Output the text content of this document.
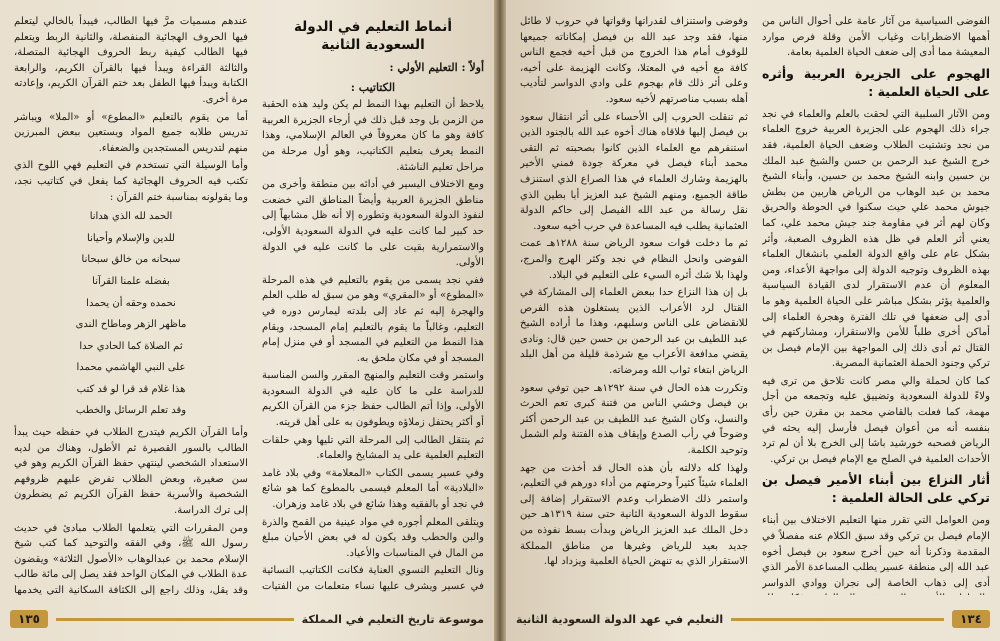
أنماط التعليم في الدولة السعودية الثانية
أولاً : التعليم الأولي :
الكتاتيب :

يلاحظ أن التعليم بهذا النمط لم يكن وليد هذه الحقبة من الزمن بل وجد قبل ذلك في أرجاء الجزيرة العربية كافة وهو ما كان معروفاً في العالم الإسلامي، وهذا النمط يعرف بتعليم الكتاتيب، وهو أول مرحلة من مراحل تعليم الناشئة.

ومع الاختلاف اليسير في أدائه بين منطقة وأخرى من مناطق الجزيرة العربية وأيضاً المناطق التي خضعت لنفوذ الدولة السعودية وتطوره إلا أنه ظل مشابهاً إلى حد كبير لما كانت عليه في الدولة السعودية الأولى، والاستمرارية بقيت على ما كانت عليه في الدولة الأولى.

ففي نجد يسمى من يقوم بالتعليم في هذه المرحلة «المطوع» أو «المقري» وهو من سبق له طلب العلم والهجرة إليه ثم عاد إلى بلدته ليمارس دوره في التعليم، وغالباً ما يقوم بالتعليم إمام المسجد، ويقام هذا النمط من التعليم في المسجد أو في منزل إمام المسجد أو في مكان ملحق به.

واستمر وقت التعليم والمنهج المقرر والسن المناسبة للدراسة على ما كان عليه في الدولة السعودية الأولى، وإذا أتم الطالب حفظ جزء من القرآن الكريم أو أكثر يحتفل زملاؤه ويطوفون به على أهل قريته.

ثم ينتقل الطالب إلى المرحلة التي تليها وهي حلقات التعليم العلمية على يد المشايخ والعلماء.

وفي عسير يسمى الكتاب «المعلامة» وفي بلاد غامد «البلادية» أما المعلم فيسمى بالمطوع كما هو شائع في نجد أو بالفقيه وهذا شائع في بلاد غامد وزهران.

ويتلقى المعلم أجوره في مواد عينية من القمح والذرة والبن والحطب وقد يكون له في بعض الأحيان مبلغ من المال في المناسبات والأعياد.

ونال التعليم النسوي العناية فكانت الكتاتيب النسائية في عسير ويشرف عليها نساء متعلمات من الفتيات

عندهم مسميات مرَّ فيها الطالب، فيبدأ بالخالي ليتعلم فيها الحروف الهجائية المنفصلة، والثانية الربط ويتعلم فيها الطالب كيفية ربط الحروف الهجائية المتصلة، والثالثة القراءة ويبدأ فيها بالقرآن الكريم، والرابعة الكتابة ويبدأ فيها الطفل بعد ختم القرآن الكريم، وإعادته مرة أخرى.

أما من يقوم بالتعليم «المطوع» أو «الملا» ويباشر تدريس طلابه جميع المواد ويستعين ببعض المبرزين منهم لتدريس المستجدين والضعفاء.

وأما الوسيلة التي تستخدم في التعليم فهي اللوح الذي تكتب فيه الحروف الهجائية كما يفعل في كتاتيب نجد، وما يقولونه بمناسبة ختم القرآن :

الحمد لله الذي هدانا
للدين والإسلام وأحيانا
سبحانه من خالق سبحانا
بفضله علمنا القرآنا
نحمده وحقه أن يحمدا
ماظهر الزهر وماطاح الندى
ثم الصلاة كما الحادي حدا
على النبي الهاشمي محمدا
هذا غلام قد قرا لو قد كتب
وقد تعلم الرسائل والخطب

وأما القرآن الكريم فيتدرج الطلاب في حفظه حيث يبدأ الطالب بالسور القصيرة ثم الأطول، وهناك من لديه الاستعداد الشخصي لينتهي حفظ القرآن الكريم وهو في سن صغيرة، وبعض الطلاب تفرض عليهم ظروفهم الشخصية والأسرية حفظ القرآن الكريم ثم يضطرون إلى ترك الدراسة.

ومن المقررات التي يتعلمها الطلاب مبادئ في حديث رسول الله ﷺ، وفي الفقه والتوحيد كما كتب شيخ الإسلام محمد بن عبدالوهاب «الأصول الثلاثة» ويقضون عدة الطلاب في المكان الواحد فقد يصل إلى مائة طالب وقد يقل، وذلك راجع إلى الكثافة السكانية التي يخدمها

موسوعة تاريخ التعليم في المملكة
١٣٥

الفوضى السياسية من آثار عامة على أحوال الناس من أهمها الاضطرابات وغياب الأمن وقلة فرص موارد المعيشة مما أدى إلى ضعف الحياة العلمية بعامة.

الهجوم على الجزيرة العربية وأثره على الحياة العلمية :

ومن الآثار السلبية التي لحقت بالعلم والعلماء في نجد جراء ذلك الهجوم على الجزيرة العربية خروج العلماء من نجد وتشتيت الطلاب وضعف الحياة العلمية، فقد خرج الشيخ عبد الرحمن بن حسن والشيخ عبد الملك بن حسين وابنه الشيخ محمد بن حسين، وأبناء الشيخ محمد بن عبد الوهاب من الرياض هاربين من بطش جيوش محمد علي حيث سكنوا في الحوطة والحريق وكان لهم أثر في مقاومة جند جيش محمد علي، كما يعني أثر العلم في ظل هذه الظروف الصعبة، وأثر بشكل عام على واقع الدولة العلمي بانشغال العلماء بهذه الظروف وتوجيه الدولة إلى مواجهة الأعداء، ومن المعلوم أن عدم الاستقرار لدى القيادة السياسية والعلمية يؤثر بشكل مباشر على الحياة العلمية وهو ما أدى إلى ضعفها في تلك الفترة وهجرة العلماء إلى أماكن أخرى طلباً للأمن والاستقرار، ومشاركتهم في القتال ثم أدى ذلك إلى المواجهة بين الإمام فيصل بن تركي وجنود الحملة العثمانية المصرية.

كما كان لحملة والي مصر كانت تلاحق من ترى فيه ولاءً للدولة السعودية وتضييق عليه وتجمعه من أجل مهمة، كما فعلت بالقاضي محمد بن مقرن حين رأى بنفسه أنه من أعوان فيصل فأرسل إليه يحثه في الرياض فصحبه خورشيد باشا إلى الخرج بلا أن لم ترد الأحداث العلمية في الصلح مع الإمام فيصل بن تركي.

أثار النزاع بين أبناء الأمير فيصل بن تركي على الحالة العلمية :

ومن العوامل التي تقرر منها التعليم الاختلاف بين أبناء الإمام فيصل بن تركي وقد سبق الكلام عنه مفصلاً في المقدمة وذكرنا أنه حين أخرج سعود بن فيصل أخوه عبد الله إلى منطقة عسير يطلب المساعدة الأمر الذي أدى إلى ذهاب الخاصة إلى نجران ووادي الدواسر

وفوضى واستنزاف لقدراتها وقواتها في حروب لا طائل منها، فقد وجد عبد الله بن فيصل إمكاناته جميعها للوقوف أمام هذا الخروج من قبل أخيه فجمع الناس كافة مع أخيه في المعتلا، وكانت الهزيمة على أخيه، وعلى أثر ذلك قام بهجوم على وادي الدواسر لتأديب أهله بسبب مناصرتهم لأخيه سعود.

ثم تنقلت الحروب إلى الأحساء على أثر انتقال سعود بن فيصل إليها فلاقاه هناك أخوه عبد الله بالجنود الذين استنفرهم مع العلماء الذين كانوا بصحبته ثم التقى محمد أبناء فيصل في معركة جودة فمني الأخير بالهزيمة وشارك العلماء في هذا الصراع الذي استنزف طاقة الجميع، ومنهم الشيخ عبد العزيز أبا بطين الذي نقل رسالة من عبد الله الفيصل إلى حاكم الدولة العثمانية يطلب فيه المساعدة في حرب أخيه سعود.

ثم ما دخلت قوات سعود الرياض سنة ١٢٨٨هـ عمت الفوضى وانحل النظام في نجد وكثر الهرج والمرج، ولهذا بلا شك أثره السيء على التعليم في البلاد.

بل إن هذا النزاع حدا ببعض العلماء إلى المشاركة في القتال لرد الأعراب الذين يستغلون هذه الفرص للانقضاض على الناس وسلبهم، وهذا ما أراده الشيخ عبد اللطيف بن عبد الرحمن بن حسن حين قال: ونادى يقضي مدافعة الأعراب مع شرذمة قليلة من أهل البلد الرياض ابتغاء ثواب الله ومرضاته.

وتكررت هذه الحال في سنة ١٢٩٢هـ حين توفي سعود بن فيصل وخشي الناس من فتنة كبرى تعم الحرث والنسل، وكان الشيخ عبد اللطيف بن عبد الرحمن أكثر وضوحاً في رأب الصدع وإيقاف هذه الفتنة ولم الشمل وتوحيد الكلمة.

ولهذا كله دلالته بأن هذه الحال قد أخذت من جهد العلماء شيئاً كثيراً وحرمتهم من أداء دورهم في التعليم، واستمر ذلك الاضطراب وعدم الاستقرار إضافة إلى سقوط الدولة السعودية الثانية حتى سنة ١٣١٩هـ حين دخل الملك عبد العزيز الرياض وبدأت بسط نفوذه من جديد بعيد للرياض وغيرها من مناطق المملكة الاستقرار الذي به تنهض الحياة العلمية ويزداد لها.

١٣٤
التعليم في عهد الدولة السعودية الثانية
